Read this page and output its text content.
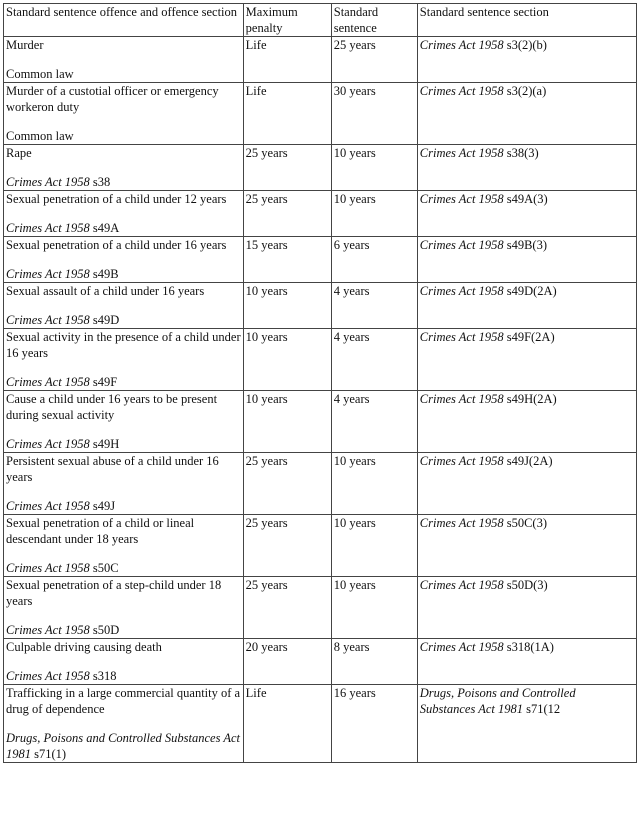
Standard sentence offence and offence section	Maximum penalty	Standard sentence	Standard sentence section

Murder
Common law	Life	25 years	Crimes Act 1958 s3(2)(b)

Murder of a custotial officer or emergency workeron duty
Common law	Life	30 years	Crimes Act 1958 s3(2)(a)

Rape
Crimes Act 1958 s38	25 years	10 years	Crimes Act 1958 s38(3)

Sexual penetration of a child under 12 years
Crimes Act 1958 s49A	25 years	10 years	Crimes Act 1958 s49A(3)

Sexual penetration of a child under 16 years
Crimes Act 1958 s49B	15 years	6 years	Crimes Act 1958 s49B(3)

Sexual assault of a child under 16 years
Crimes Act 1958 s49D	10 years	4 years	Crimes Act 1958 s49D(2A)

Sexual activity in the presence of a child under 16 years
Crimes Act 1958 s49F	10 years	4 years	Crimes Act 1958 s49F(2A)

Cause a child under 16 years to be present during sexual activity
Crimes Act 1958 s49H	10 years	4 years	Crimes Act 1958 s49H(2A)

Persistent sexual abuse of a child under 16 years
Crimes Act 1958 s49J	25 years	10 years	Crimes Act 1958 s49J(2A)

Sexual penetration of a child or lineal descendant under 18 years
Crimes Act 1958 s50C	25 years	10 years	Crimes Act 1958 s50C(3)

Sexual penetration of a step-child under 18 years
Crimes Act 1958 s50D	25 years	10 years	Crimes Act 1958 s50D(3)

Culpable driving causing death
Crimes Act 1958 s318	20 years	8 years	Crimes Act 1958 s318(1A)

Trafficking in a large commercial quantity of a drug of dependence
Drugs, Poisons and Controlled Substances Act 1981 s71(1)	Life	16 years	Drugs, Poisons and Controlled Substances Act 1981 s71(12
